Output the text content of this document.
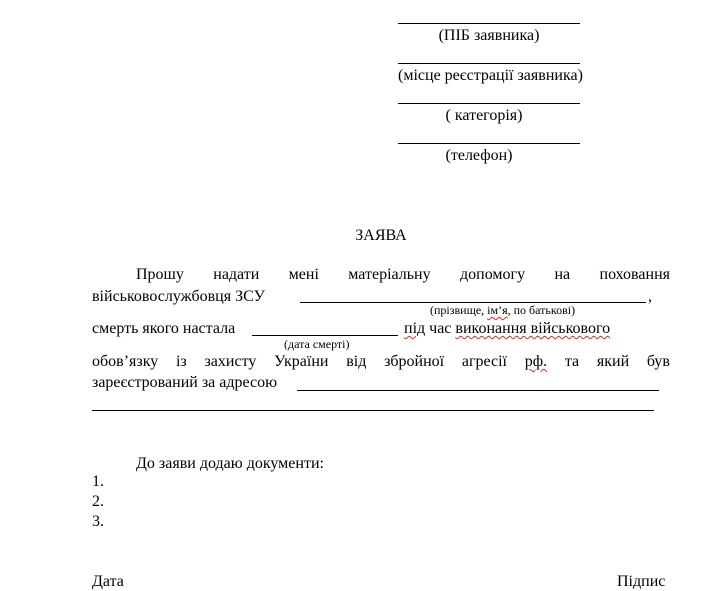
(ПІБ заявника)
(місце реєстрації заявника)
( категорія)
(телефон)
ЗАЯВА
Прошу надати мені матеріальну допомогу на поховання
військовослужбовця ЗСУ	,
(прізвище, ім’я, по батькові)
смерть якого настала	під час виконання військового
(дата смерті)
обов’язку із захисту України від збройної агресії рф. та який був
зареєстрований за адресою
До заяви додаю документи:
1.
2.
3.
Дата	Підпис
